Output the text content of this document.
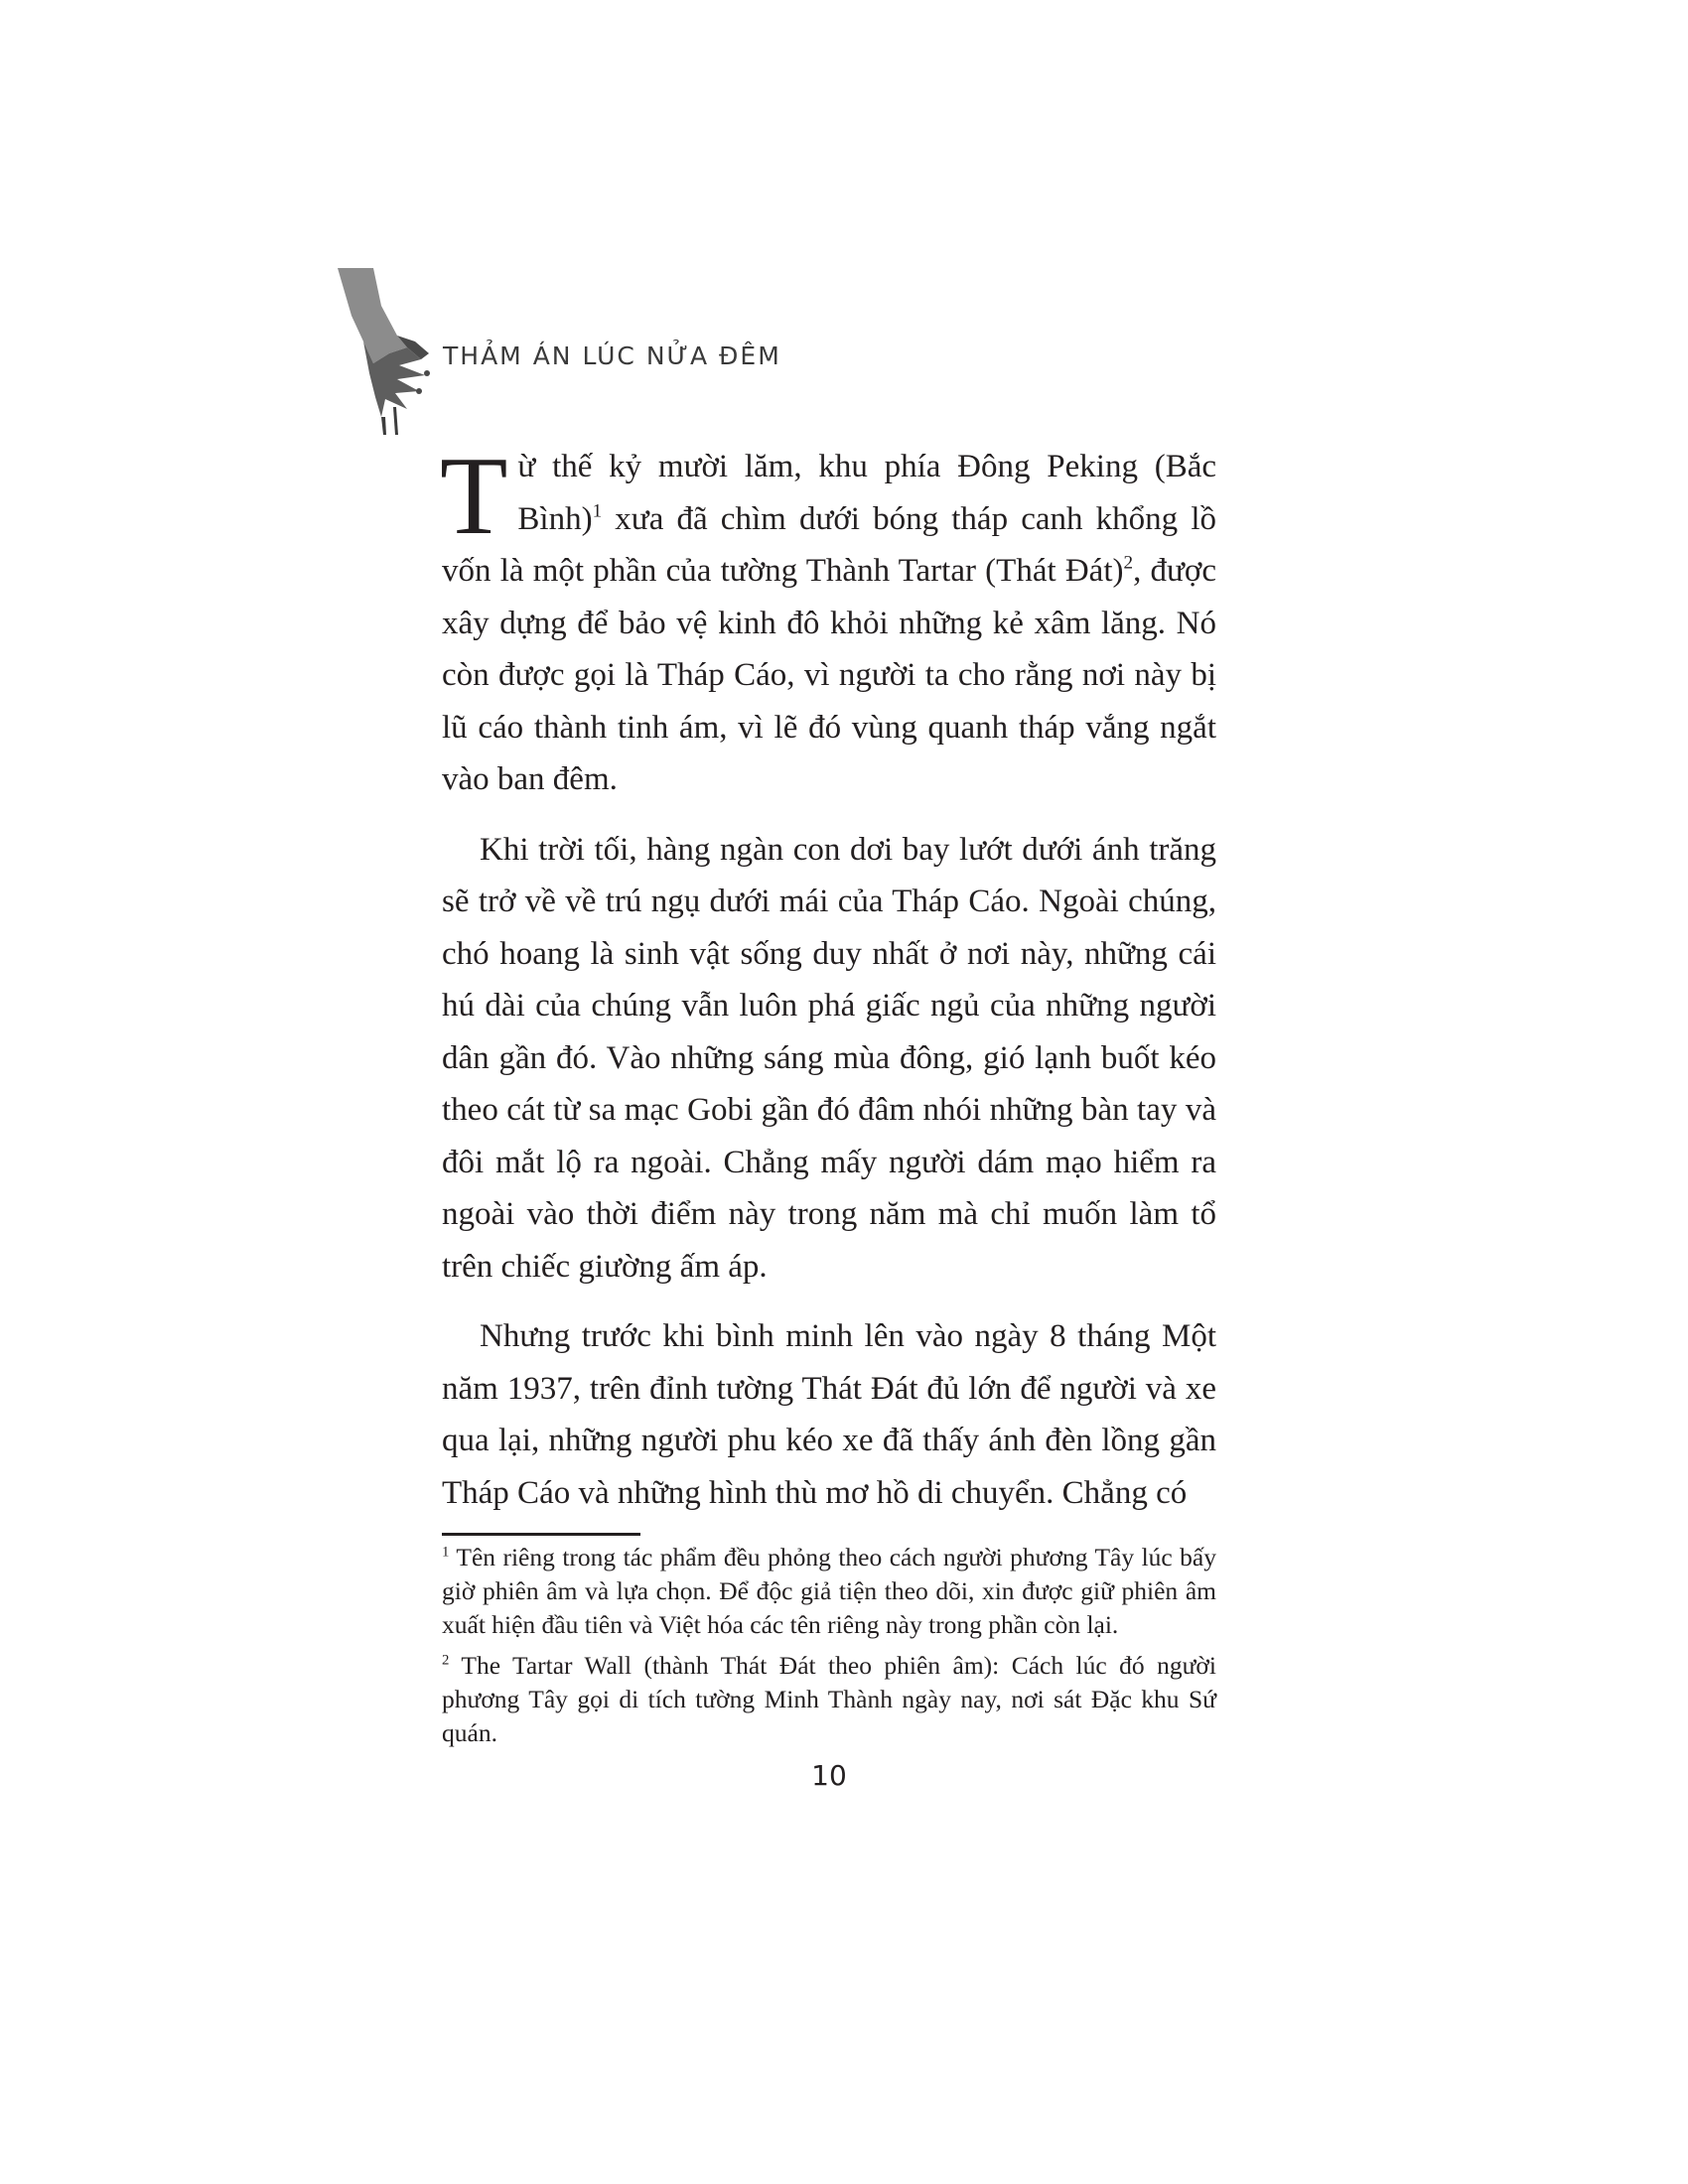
THẢM ÁN LÚC NỬA ĐÊM

Từ thế kỷ mười lăm, khu phía Đông Peking (Bắc Bình)$^1$ xưa đã chìm dưới bóng tháp canh khổng lồ vốn là một phần của tường Thành Tartar (Thát Đát)$^2$, được xây dựng để bảo vệ kinh đô khỏi những kẻ xâm lăng. Nó còn được gọi là Tháp Cáo, vì người ta cho rằng nơi này bị lũ cáo thành tinh ám, vì lẽ đó vùng quanh tháp vắng ngắt vào ban đêm.

Khi trời tối, hàng ngàn con dơi bay lướt dưới ánh trăng sẽ trở về về trú ngụ dưới mái của Tháp Cáo. Ngoài chúng, chó hoang là sinh vật sống duy nhất ở nơi này, những cái hú dài của chúng vẫn luôn phá giấc ngủ của những người dân gần đó. Vào những sáng mùa đông, gió lạnh buốt kéo theo cát từ sa mạc Gobi gần đó đâm nhói những bàn tay và đôi mắt lộ ra ngoài. Chẳng mấy người dám mạo hiểm ra ngoài vào thời điểm này trong năm mà chỉ muốn làm tổ trên chiếc giường ấm áp.

Nhưng trước khi bình minh lên vào ngày 8 tháng Một năm 1937, trên đỉnh tường Thát Đát đủ lớn để người và xe qua lại, những người phu kéo xe đã thấy ánh đèn lồng gần Tháp Cáo và những hình thù mơ hồ di chuyển. Chẳng có

$^1$ Tên riêng trong tác phẩm đều phỏng theo cách người phương Tây lúc bấy giờ phiên âm và lựa chọn. Để độc giả tiện theo dõi, xin được giữ phiên âm xuất hiện đầu tiên và Việt hóa các tên riêng này trong phần còn lại.

$^2$ The Tartar Wall (thành Thát Đát theo phiên âm): Cách lúc đó người phương Tây gọi di tích tường Minh Thành ngày nay, nơi sát Đặc khu Sứ quán.

10
